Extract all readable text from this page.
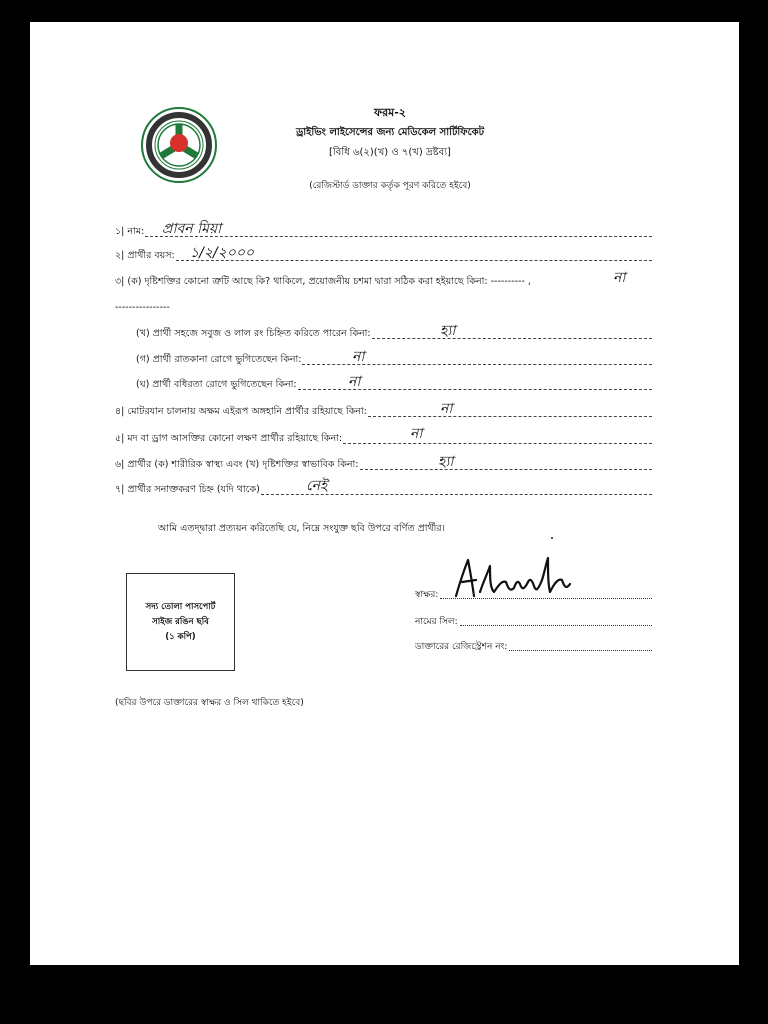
ফরম-২
ড্রাইভিং লাইসেন্সের জন্য মেডিকেল সার্টিফিকেট
[বিধি ৬(২)(খ) ও ৭(খ) দ্রষ্টব্য]
(রেজিস্টার্ড ডাক্তার কর্তৃক পূরণ করিতে হইবে)
১| নাম: প্রাবন মিয়া
২| প্রার্থীর বয়স: ১/২/২০০০
৩| (ক) দৃষ্টিশক্তির কোনো ত্রুটি আছে কি? থাকিলে, প্রয়োজনীয় চশমা দ্বারা সঠিক করা হইয়াছে কিনা: ---------- ,
----------------
না
(খ) প্রার্থী সহজে সবুজ ও লাল রং চিহ্নিত করিতে পারেন কিনা:	হ্যা
(গ) প্রার্থী রাতকানা রোগে ভুগিতেছেন কিনা:	না
(ঘ) প্রার্থী বধিরতা রোগে ভুগিতেছেন কিনা:	না
৪| মোটরযান চালনায় অক্ষম এইরূপ অঙ্গহানি প্রার্থীর রহিয়াছে কিনা:	না
৫| মদ বা ড্রাগ আসক্তির কোনো লক্ষণ প্রার্থীর রহিয়াছে কিনা:	না
৬| প্রার্থীর (ক) শারীরিক স্বাস্থ্য এবং (খ) দৃষ্টিশক্তির স্বাভাবিক কিনা:	হ্যা
৭| প্রার্থীর সনাক্তকরণ চিহ্ন (যদি থাকে)	নেই
আমি এতদ্দ্বারা প্রত্যয়ন করিতেছি যে, নিম্নে সংযুক্ত ছবি উপরে বর্ণিত প্রার্থীর।
সদ্য তোলা পাসপোর্ট
সাইজ রঙিন ছবি
(১ কপি)
স্বাক্ষর:
নামের সিল:
ডাক্তারের রেজিস্ট্রেশন নং:
(ছবির উপরে ডাক্তারের স্বাক্ষর ও সিল থাকিতে হইবে)
